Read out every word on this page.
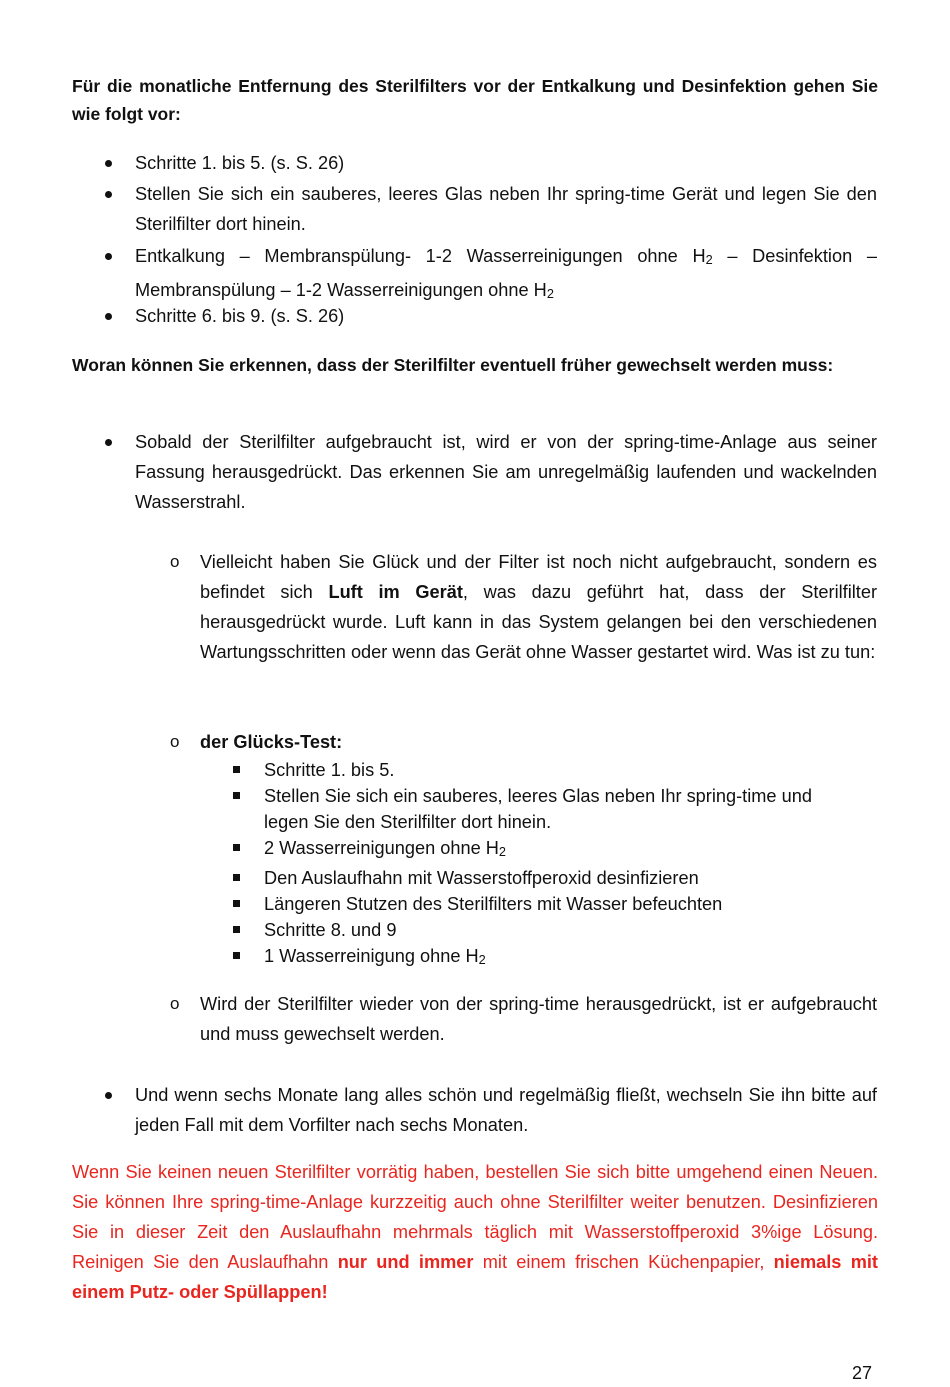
Für die monatliche Entfernung des Sterilfilters vor der Entkalkung und Desinfektion gehen Sie wie folgt vor:
Schritte 1. bis 5. (s. S. 26)
Stellen Sie sich ein sauberes, leeres Glas neben Ihr spring-time Gerät und legen Sie den Sterilfilter dort hinein.
Entkalkung – Membranspülung- 1-2 Wasserreinigungen ohne $H_2$ – Desinfektion – Membranspülung – 1-2 Wasserreinigungen ohne $H_2$
Schritte 6. bis 9. (s. S. 26)
Woran können Sie erkennen, dass der Sterilfilter eventuell früher gewechselt werden muss:
Sobald der Sterilfilter aufgebraucht ist, wird er von der spring-time-Anlage aus seiner Fassung herausgedrückt. Das erkennen Sie am unregelmäßig laufenden und wackelnden Wasserstrahl.
o Vielleicht haben Sie Glück und der Filter ist noch nicht aufgebraucht, sondern es befindet sich Luft im Gerät, was dazu geführt hat, dass der Sterilfilter herausgedrückt wurde. Luft kann in das System gelangen bei den verschiedenen Wartungsschritten oder wenn das Gerät ohne Wasser gestartet wird. Was ist zu tun:
o der Glücks-Test:
Schritte 1. bis 5.
Stellen Sie sich ein sauberes, leeres Glas neben Ihr spring-time und legen Sie den Sterilfilter dort hinein.
2 Wasserreinigungen ohne $H_2$
Den Auslaufhahn mit Wasserstoffperoxid desinfizieren
Längeren Stutzen des Sterilfilters mit Wasser befeuchten
Schritte 8. und 9
1 Wasserreinigung ohne $H_2$
o Wird der Sterilfilter wieder von der spring-time herausgedrückt, ist er aufgebraucht und muss gewechselt werden.
Und wenn sechs Monate lang alles schön und regelmäßig fließt, wechseln Sie ihn bitte auf jeden Fall mit dem Vorfilter nach sechs Monaten.
Wenn Sie keinen neuen Sterilfilter vorrätig haben, bestellen Sie sich bitte umgehend einen Neuen. Sie können Ihre spring-time-Anlage kurzzeitig auch ohne Sterilfilter weiter benutzen. Desinfizieren Sie in dieser Zeit den Auslaufhahn mehrmals täglich mit Wasserstoffperoxid 3%ige Lösung. Reinigen Sie den Auslaufhahn nur und immer mit einem frischen Küchenpapier, niemals mit einem Putz- oder Spüllappen!
27
